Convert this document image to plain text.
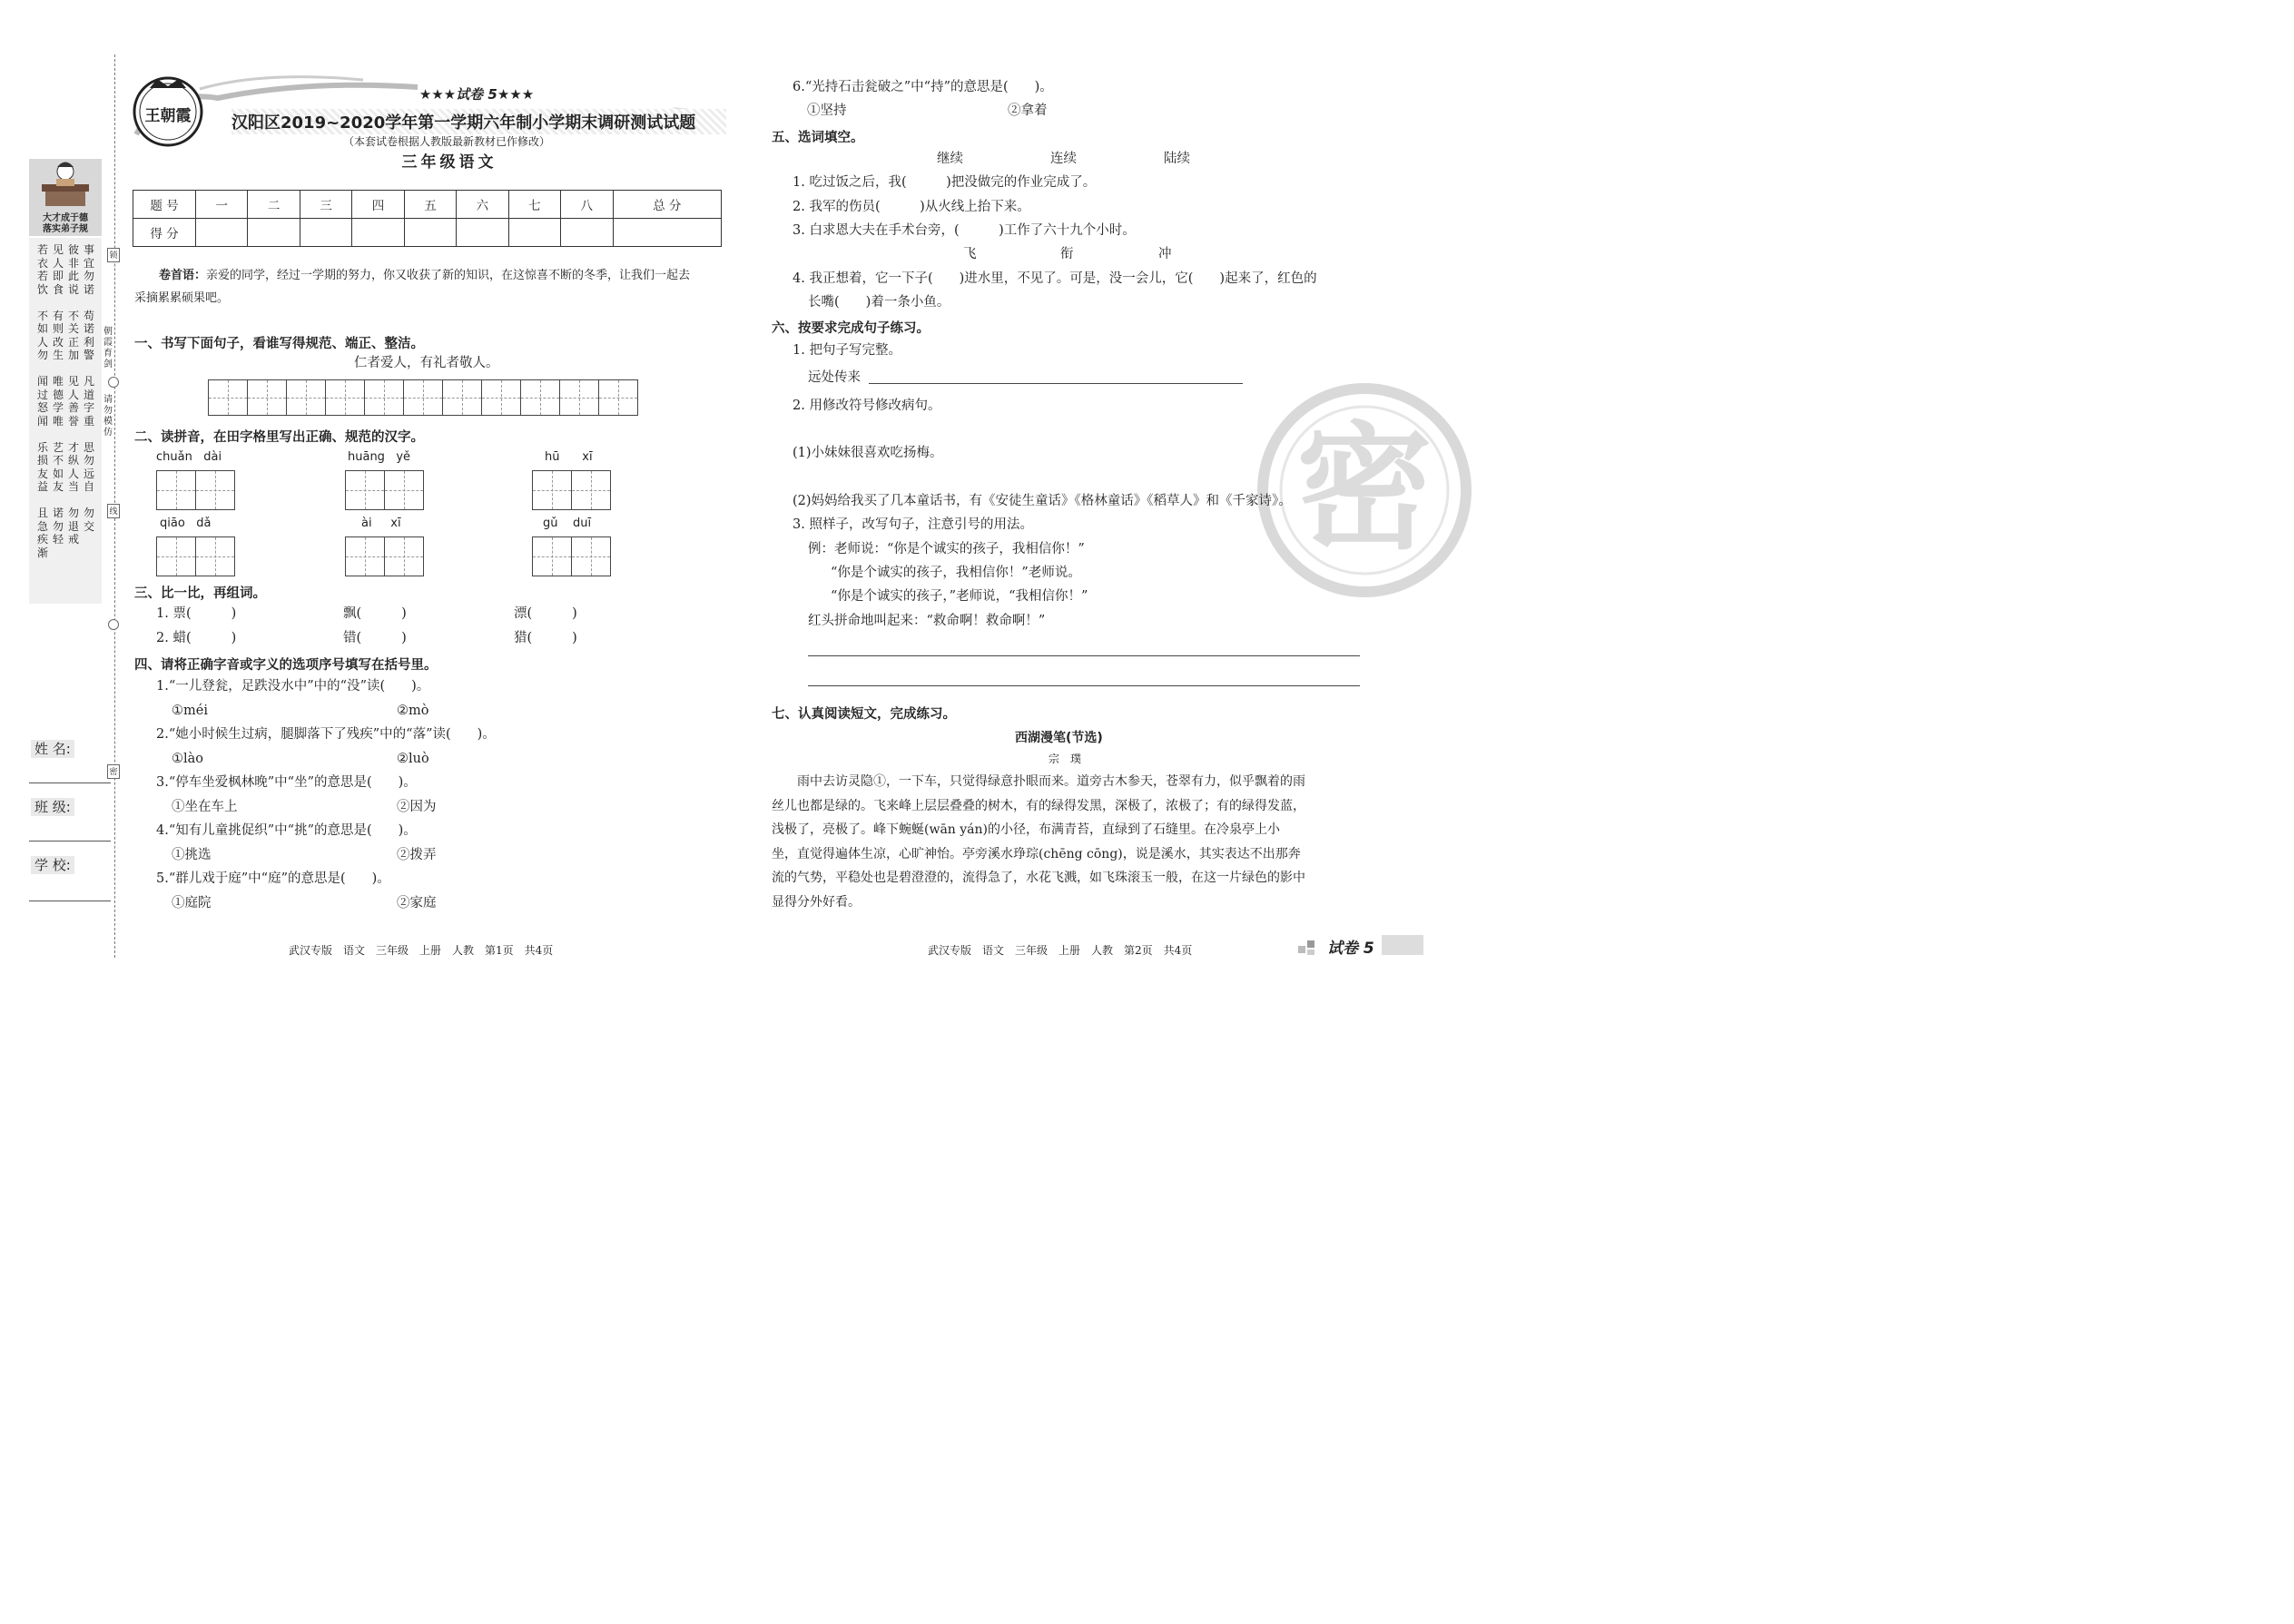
大才成于德
落实弟子规
若衣若饮

不如人勿

闻过怒闻

乐损友益

且急疾渐
见人即食

有则改生

唯德学唯

艺不如友

诺勿轻
彼非此说

不关正加

见人善誉

才纵人当

勿退戒
事宜勿诺

苟诺利警

凡道字重

思勿远自

勿交
锁
朝霞育剑
请勿模仿
线
密
姓 名:
班 级:
学 校:
王朝霞
★★★试卷 5★★★
汉阳区2019~2020学年第一学期六年制小学期末调研测试试题
（本套试卷根据人教版最新教材已作修改）
三年级语文
题 号	一	二	三	四	五	六	七	八	总 分
得 分									
卷首语：亲爱的同学，经过一学期的努力，你又收获了新的知识，在这惊喜不断的冬季，让我们一起去
采摘累累硕果吧。
一、书写下面句子，看谁写得规范、端正、整洁。
仁者爱人，有礼者敬人。
二、读拼音，在田字格里写出正确、规范的汉字。
chuǎn dài	huāng yě	hū xī
qiāo dǎ	ài xī	gǔ duī
三、比一比，再组词。
1. 票(	)	飘(	)	漂(	)
2. 蜡(	)	错(	)	猎(	)
四、请将正确字音或字义的选项序号填写在括号里。
1.“一儿登瓮，足跌没水中”中的“没”读(　　)。
①méi	②mò
2.“她小时候生过病，腿脚落下了残疾”中的“落”读(　　)。
①lào	②luò
3.“停车坐爱枫林晚”中“坐”的意思是(　　)。
①坐在车上	②因为
4.“知有儿童挑促织”中“挑”的意思是(　　)。
①挑选	②拨弄
5.“群儿戏于庭”中“庭”的意思是(　　)。
①庭院	②家庭
武汉专版　语文　三年级　上册　人教　第1页　共4页
密
6.“光持石击瓮破之”中“持”的意思是(　　)。
①坚持	②拿着
五、选词填空。
继续	连续	陆续
1. 吃过饭之后，我(　　　)把没做完的作业完成了。
2. 我军的伤员(　　　)从火线上抬下来。
3. 白求恩大夫在手术台旁，(　　　)工作了六十九个小时。
飞	衔	冲
4. 我正想着，它一下子(　　)进水里，不见了。可是，没一会儿，它(　　)起来了，红色的
长嘴(　　)着一条小鱼。
六、按要求完成句子练习。
1. 把句子写完整。
远处传来
2. 用修改符号修改病句。
(1)小妹妹很喜欢吃扬梅。
(2)妈妈给我买了几本童话书，有《安徒生童话》《格林童话》《稻草人》和《千家诗》。
3. 照样子，改写句子，注意引号的用法。
例：老师说：“你是个诚实的孩子，我相信你！”
“你是个诚实的孩子，我相信你！”老师说。
“你是个诚实的孩子，”老师说，“我相信你！”
红头拼命地叫起来：“救命啊！救命啊！”
七、认真阅读短文，完成练习。
西湖漫笔(节选)
宗　璞
雨中去访灵隐①，一下车，只觉得绿意扑眼而来。道旁古木参天，苍翠有力，似乎飘着的雨
丝儿也都是绿的。飞来峰上层层叠叠的树木，有的绿得发黑，深极了，浓极了；有的绿得发蓝，
浅极了，亮极了。峰下蜿蜒(wān yán)的小径，布满青苔，直绿到了石缝里。在冷泉亭上小
坐，直觉得遍体生凉，心旷神怡。亭旁溪水琤琮(chēng cōng)，说是溪水，其实表达不出那奔
流的气势，平稳处也是碧澄澄的，流得急了，水花飞溅，如飞珠滚玉一般，在这一片绿色的影中
显得分外好看。
武汉专版　语文　三年级　上册　人教　第2页　共4页	试卷 5
